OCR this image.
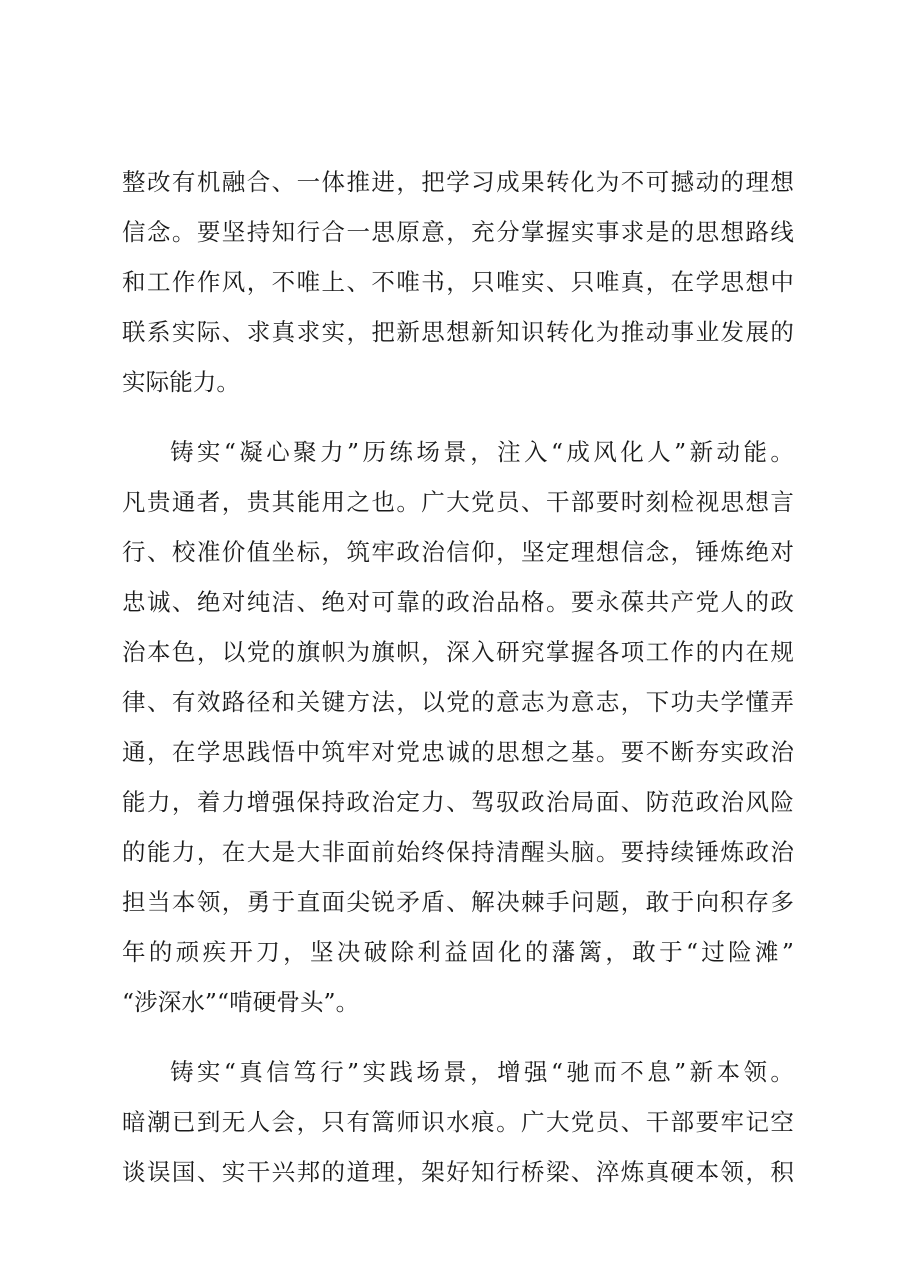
整改有机融合、一体推进，把学习成果转化为不可撼动的理想
信念。要坚持知行合一思原意，充分掌握实事求是的思想路线
和工作作风，不唯上、不唯书，只唯实、只唯真，在学思想中
联系实际、求真求实，把新思想新知识转化为推动事业发展的
实际能力。
铸实“凝心聚力”历练场景，注入“成风化人”新动能。
凡贵通者，贵其能用之也。广大党员、干部要时刻检视思想言
行、校准价值坐标，筑牢政治信仰，坚定理想信念，锤炼绝对
忠诚、绝对纯洁、绝对可靠的政治品格。要永葆共产党人的政
治本色，以党的旗帜为旗帜，深入研究掌握各项工作的内在规
律、有效路径和关键方法，以党的意志为意志，下功夫学懂弄
通，在学思践悟中筑牢对党忠诚的思想之基。要不断夯实政治
能力，着力增强保持政治定力、驾驭政治局面、防范政治风险
的能力，在大是大非面前始终保持清醒头脑。要持续锤炼政治
担当本领，勇于直面尖锐矛盾、解决棘手问题，敢于向积存多
年的顽疾开刀，坚决破除利益固化的藩篱，敢于“过险滩”
“涉深水”“啃硬骨头”。
铸实“真信笃行”实践场景，增强“驰而不息”新本领。
暗潮已到无人会，只有篙师识水痕。广大党员、干部要牢记空
谈误国、实干兴邦的道理，架好知行桥梁、淬炼真硬本领，积
